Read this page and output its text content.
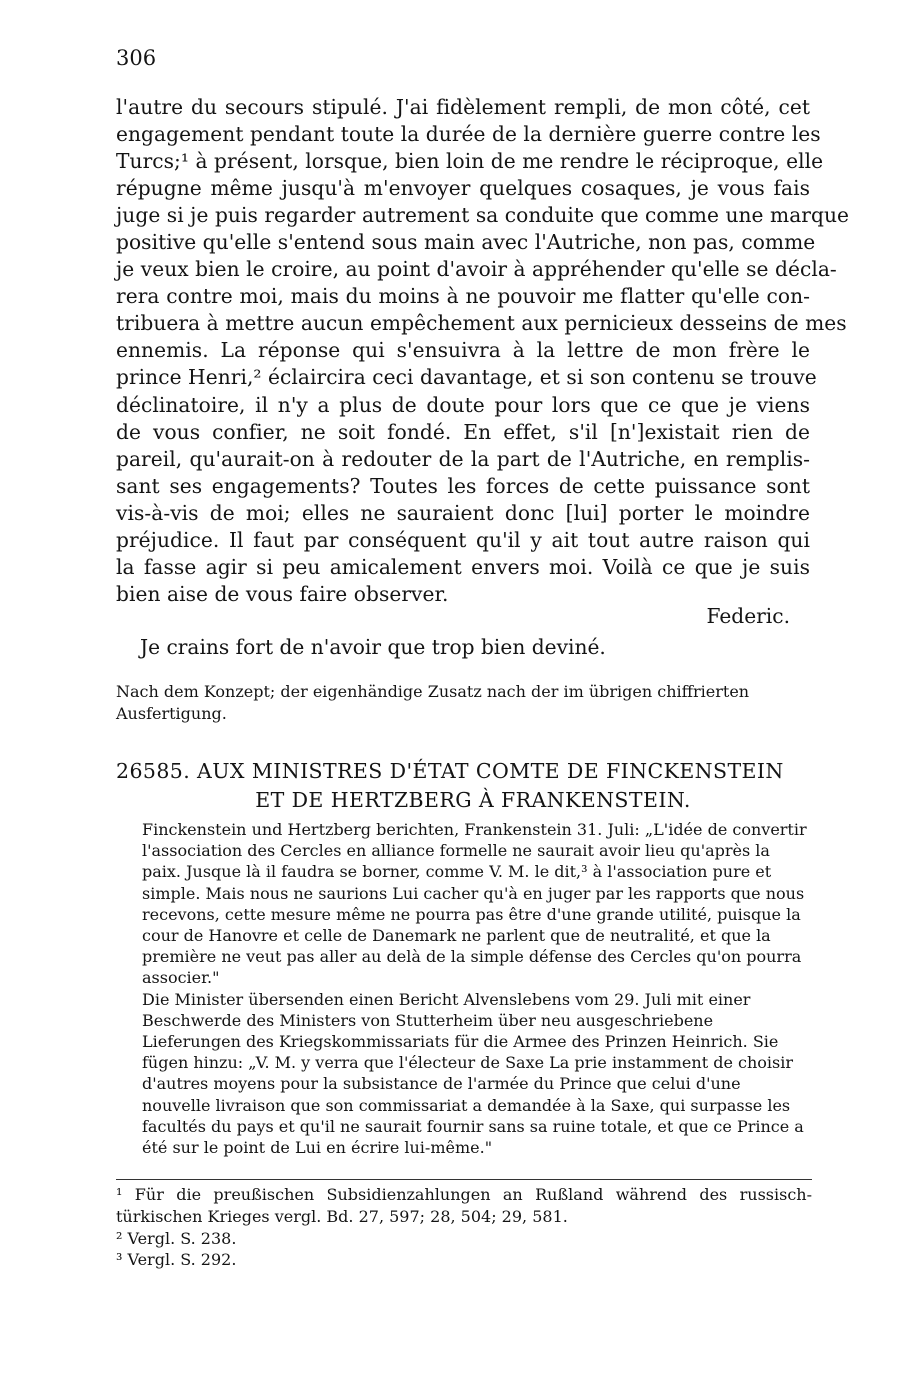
306
l'autre du secours stipulé. J'ai fidèlement rempli, de mon côté, cet
engagement pendant toute la durée de la dernière guerre contre les
Turcs;¹ à présent, lorsque, bien loin de me rendre le réciproque, elle
répugne même jusqu'à m'envoyer quelques cosaques, je vous fais
juge si je puis regarder autrement sa conduite que comme une marque
positive qu'elle s'entend sous main avec l'Autriche, non pas, comme
je veux bien le croire, au point d'avoir à appréhender qu'elle se décla-
rera contre moi, mais du moins à ne pouvoir me flatter qu'elle con-
tribuera à mettre aucun empêchement aux pernicieux desseins de mes
ennemis. La réponse qui s'ensuivra à la lettre de mon frère le
prince Henri,² éclaircira ceci davantage, et si son contenu se trouve
déclinatoire, il n'y a plus de doute pour lors que ce que je viens
de vous confier, ne soit fondé. En effet, s'il [n']existait rien de
pareil, qu'aurait-on à redouter de la part de l'Autriche, en remplis-
sant ses engagements? Toutes les forces de cette puissance sont
vis-à-vis de moi; elles ne sauraient donc [lui] porter le moindre
préjudice. Il faut par conséquent qu'il y ait tout autre raison qui
la fasse agir si peu amicalement envers moi. Voilà ce que je suis
bien aise de vous faire observer.
Federic.
Je crains fort de n'avoir que trop bien deviné.
Nach dem Konzept; der eigenhändige Zusatz nach der im übrigen chiffrierten Ausfertigung.
26585. AUX MINISTRES D'ÉTAT COMTE DE FINCKENSTEIN
ET DE HERTZBERG À FRANKENSTEIN.
Finckenstein und Hertzberg berichten, Frankenstein 31. Juli: „L'idée de convertir l'association des Cercles en alliance formelle ne saurait avoir lieu qu'après la paix. Jusque là il faudra se borner, comme V. M. le dit,³ à l'association pure et simple. Mais nous ne saurions Lui cacher qu'à en juger par les rapports que nous recevons, cette mesure même ne pourra pas être d'une grande utilité, puisque la cour de Hanovre et celle de Danemark ne parlent que de neutralité, et que la première ne veut pas aller au delà de la simple défense des Cercles qu'on pourra associer."
Die Minister übersenden einen Bericht Alvenslebens vom 29. Juli mit einer Beschwerde des Ministers von Stutterheim über neu ausgeschriebene Lieferungen des Kriegskommissariats für die Armee des Prinzen Heinrich. Sie fügen hinzu: „V. M. y verra que l'électeur de Saxe La prie instamment de choisir d'autres moyens pour la subsistance de l'armée du Prince que celui d'une nouvelle livraison que son commissariat a demandée à la Saxe, qui surpasse les facultés du pays et qu'il ne saurait fournir sans sa ruine totale, et que ce Prince a été sur le point de Lui en écrire lui-même."
¹ Für die preußischen Subsidienzahlungen an Rußland während des russisch-
türkischen Krieges vergl. Bd. 27, 597; 28, 504; 29, 581.
² Vergl. S. 238.
³ Vergl. S. 292.
